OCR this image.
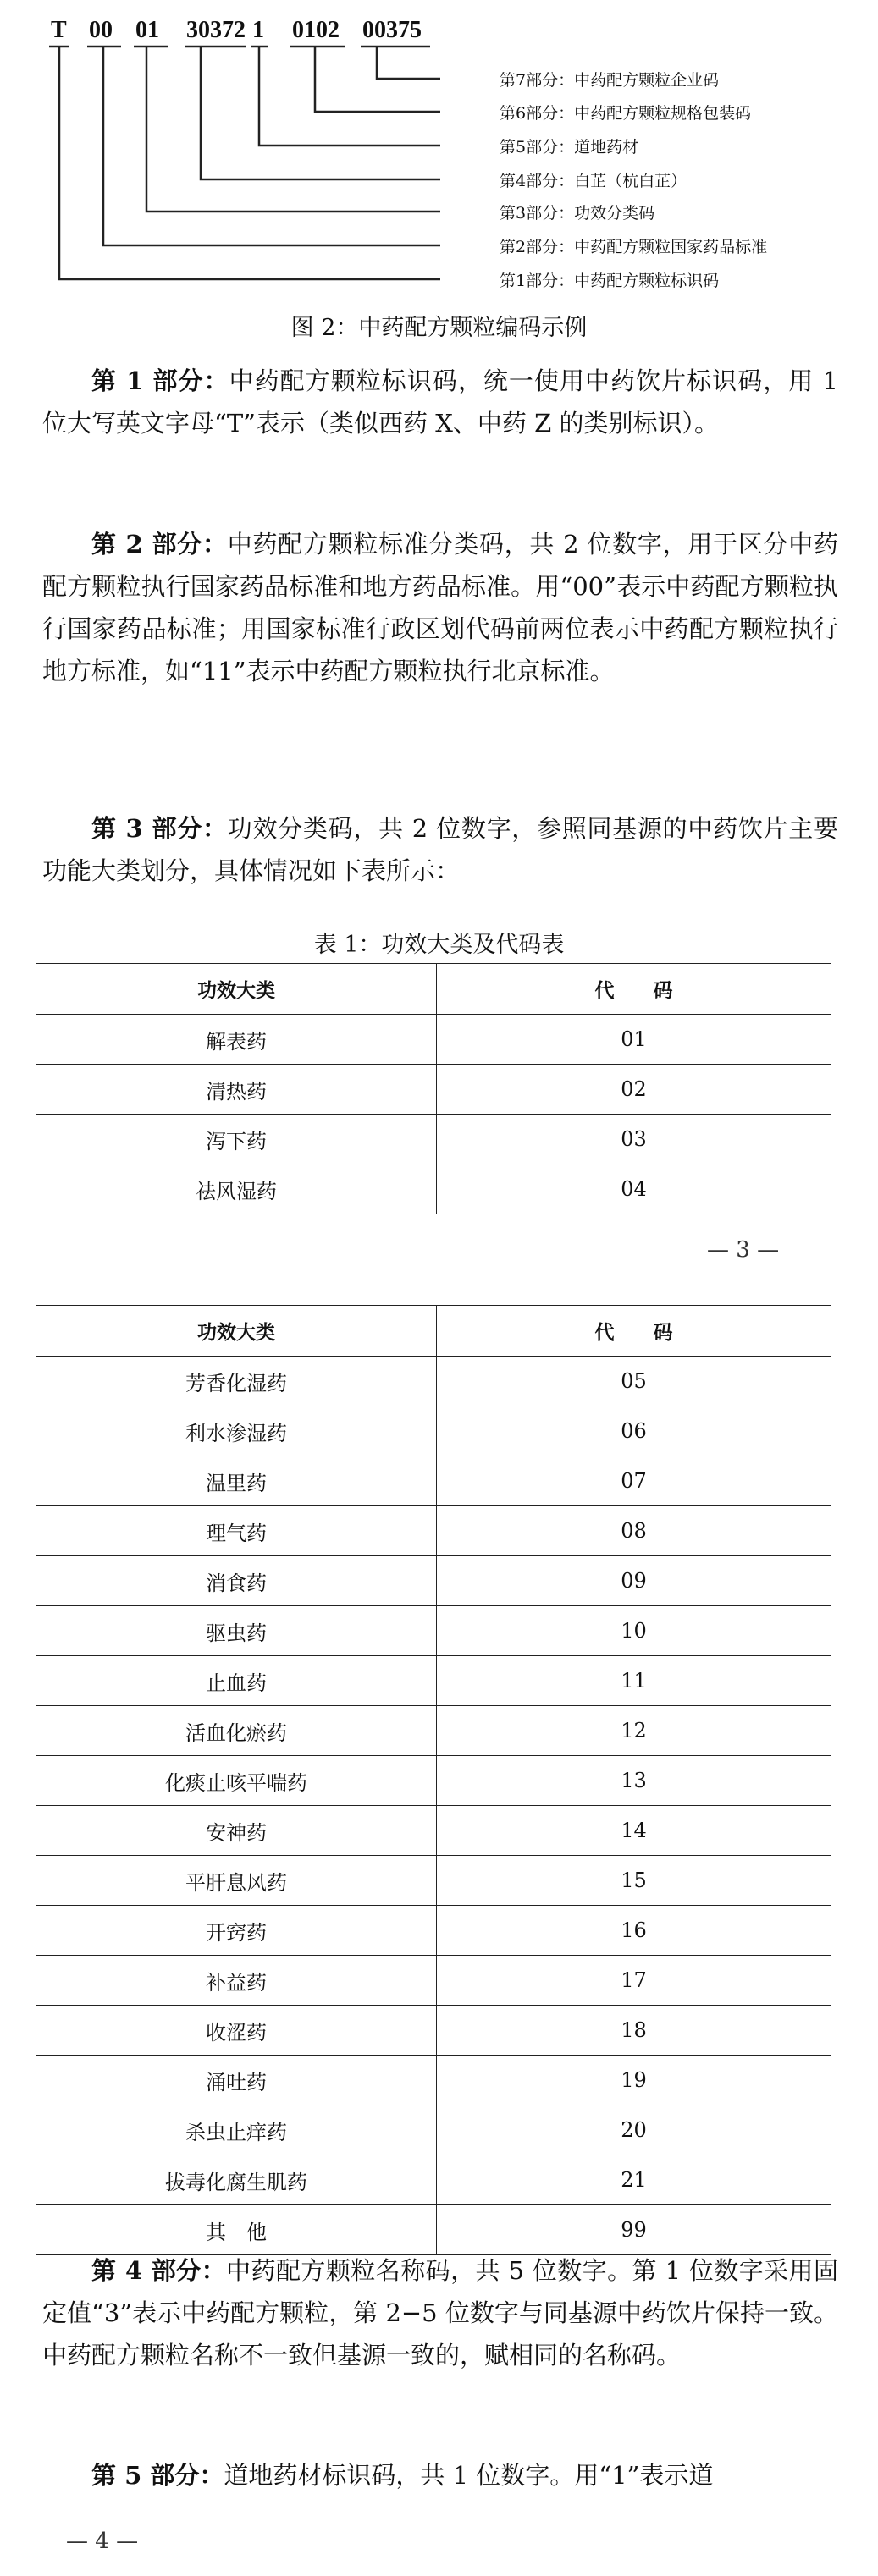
T 00 01 30372 1 0102 00375
第7部分：中药配方颗粒企业码
第6部分：中药配方颗粒规格包装码
第5部分：道地药材
第4部分：白芷（杭白芷）
第3部分：功效分类码
第2部分：中药配方颗粒国家药品标准
第1部分：中药配方颗粒标识码
图 2：中药配方颗粒编码示例
第 1 部分：中药配方颗粒标识码，统一使用中药饮片标识码，用 1 位大写英文字母“T”表示（类似西药 X、中药 Z 的类别标识）。
第 2 部分：中药配方颗粒标准分类码，共 2 位数字，用于区分中药配方颗粒执行国家药品标准和地方药品标准。用“00”表示中药配方颗粒执行国家药品标准；用国家标准行政区划代码前两位表示中药配方颗粒执行地方标准，如“11”表示中药配方颗粒执行北京标准。
第 3 部分：功效分类码，共 2 位数字，参照同基源的中药饮片主要功能大类划分，具体情况如下表所示：
表 1：功效大类及代码表
功效大类	代　　码
解表药	01
清热药	02
泻下药	03
祛风湿药	04
— 3 —
功效大类	代　　码
芳香化湿药	05
利水渗湿药	06
温里药	07
理气药	08
消食药	09
驱虫药	10
止血药	11
活血化瘀药	12
化痰止咳平喘药	13
安神药	14
平肝息风药	15
开窍药	16
补益药	17
收涩药	18
涌吐药	19
杀虫止痒药	20
拔毒化腐生肌药	21
其　他	99
第 4 部分：中药配方颗粒名称码，共 5 位数字。第 1 位数字采用固定值“3”表示中药配方颗粒，第 2−5 位数字与同基源中药饮片保持一致。中药配方颗粒名称不一致但基源一致的，赋相同的名称码。
第 5 部分：道地药材标识码，共 1 位数字。用“1”表示道
— 4 —
